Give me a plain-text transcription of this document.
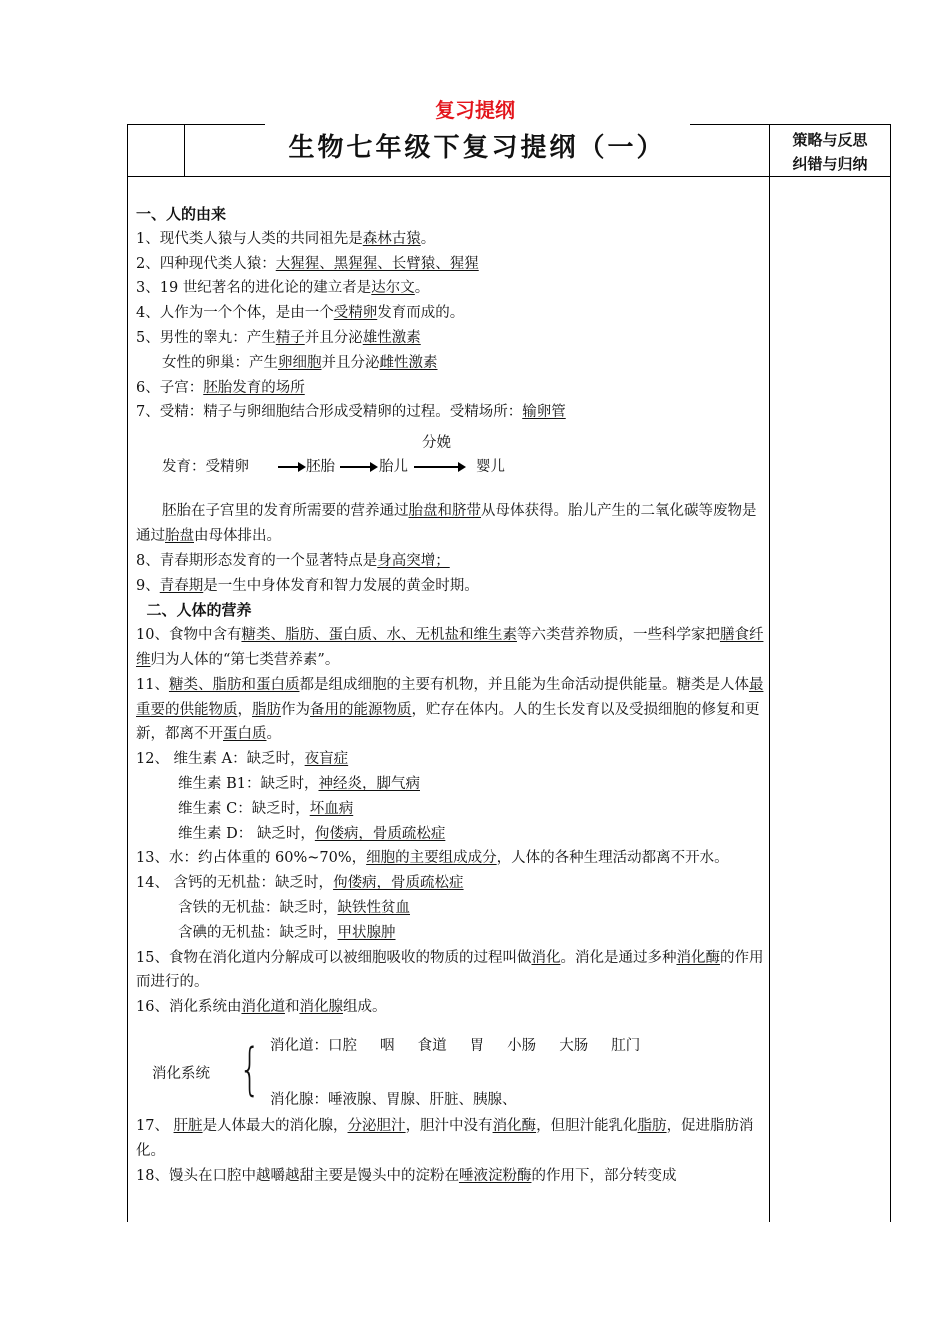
复习提纲
生物七年级下复习提纲（一）	策略与反思
纠错与归纳

一、人的由来

1、现代类人猿与人类的共同祖先是森林古猿。

2、四种现代类人猿：大猩猩、黑猩猩、长臂猿、猩猩

3、19 世纪著名的进化论的建立者是达尔文。

4、人作为一个个体，是由一个受精卵发育而成的。

5、男性的睾丸：产生精子并且分泌雄性激素

女性的卵巢：产生卵细胞并且分泌雌性激素

6、子宫：胚胎发育的场所

7、受精：精子与卵细胞结合形成受精卵的过程。受精场所：输卵管

发育：受精卵	胚胎	胎儿
分娩
婴儿

胚胎在子宫里的发育所需要的营养通过胎盘和脐带从母体获得。胎儿产生的二氧化碳等废物是通过胎盘由母体排出。

8、青春期形态发育的一个显著特点是身高突增；

9、青春期是一生中身体发育和智力发展的黄金时期。

二、人体的营养

10、食物中含有糖类、脂肪、蛋白质、水、无机盐和维生素等六类营养物质，一些科学家把膳食纤维归为人体的“第七类营养素”。

11、糖类、脂肪和蛋白质都是组成细胞的主要有机物，并且能为生命活动提供能量。糖类是人体最重要的供能物质，脂肪作为备用的能源物质，贮存在体内。人的生长发育以及受损细胞的修复和更新，都离不开蛋白质。

12、 维生素 A：缺乏时，夜盲症

维生素 B1：缺乏时，神经炎，脚气病

维生素 C：缺乏时，坏血病

维生素 D： 缺乏时，佝偻病，骨质疏松症

13、水：约占体重的 60%~70%，细胞的主要组成成分，人体的各种生理活动都离不开水。

14、 含钙的无机盐：缺乏时，佝偻病，骨质疏松症

含铁的无机盐：缺乏时，缺铁性贫血

含碘的无机盐：缺乏时，甲状腺肿

15、食物在消化道内分解成可以被细胞吸收的物质的过程叫做消化。消化是通过多种消化酶的作用而进行的。

16、消化系统由消化道和消化腺组成。

消化系统 { 消化道：口腔     咽     食道     胃     小肠     大肠     肛门
消化腺：唾液腺、胃腺、肝脏、胰腺、

17、 肝脏是人体最大的消化腺，分泌胆汁，胆汁中没有消化酶，但胆汁能乳化脂肪，促进脂肪消化。

18、馒头在口腔中越嚼越甜主要是馒头中的淀粉在唾液淀粉酶的作用下，部分转变成
